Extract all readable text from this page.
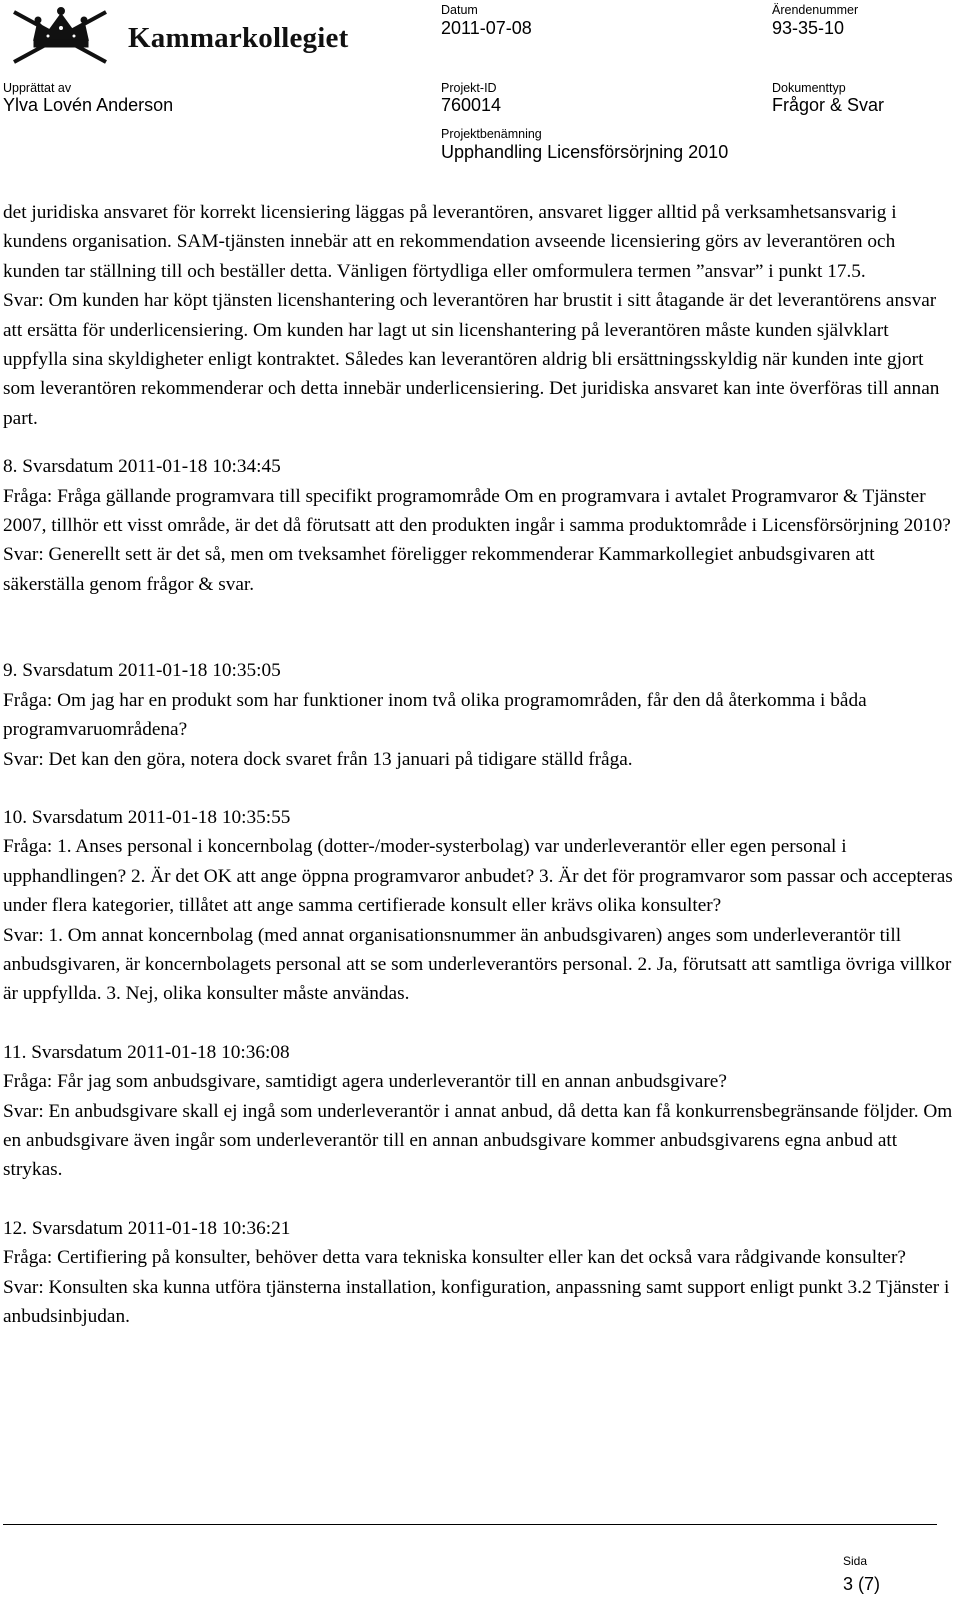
Kammarkollegiet
Datum
2011-07-08
Ärendenummer
93-35-10
Upprättat av
Ylva Lovén Anderson
Projekt-ID
760014
Dokumenttyp
Frågor & Svar
Projektbenämning
Upphandling Licensförsörjning 2010

det juridiska ansvaret för korrekt licensiering läggas på leverantören, ansvaret ligger alltid på verksamhetsansvarig i kundens organisation. SAM-tjänsten innebär att en rekommendation avseende licensiering görs av leverantören och kunden tar ställning till och beställer detta. Vänligen förtydliga eller omformulera termen ”ansvar” i punkt 17.5.

Svar: Om kunden har köpt tjänsten licenshantering och leverantören har brustit i sitt åtagande är det leverantörens ansvar att ersätta för underlicensiering. Om kunden har lagt ut sin licenshantering på leverantören måste kunden självklart uppfylla sina skyldigheter enligt kontraktet. Således kan leverantören aldrig bli ersättningsskyldig när kunden inte gjort som leverantören rekommenderar och detta innebär underlicensiering. Det juridiska ansvaret kan inte överföras till annan part.

8. Svarsdatum 2011-01-18 10:34:45

Fråga: Fråga gällande programvara till specifikt programområde Om en programvara i avtalet Programvaror & Tjänster 2007, tillhör ett visst område, är det då förutsatt att den produkten ingår i samma produktområde i Licensförsörjning 2010?

Svar: Generellt sett är det så, men om tveksamhet föreligger rekommenderar Kammarkollegiet anbudsgivaren att säkerställa genom frågor & svar.

9. Svarsdatum 2011-01-18 10:35:05

Fråga: Om jag har en produkt som har funktioner inom två olika programområden, får den då återkomma i båda programvaruområdena?

Svar: Det kan den göra, notera dock svaret från 13 januari på tidigare ställd fråga.

10. Svarsdatum 2011-01-18 10:35:55

Fråga: 1. Anses personal i koncernbolag (dotter-/moder-systerbolag) var underleverantör eller egen personal i upphandlingen? 2. Är det OK att ange öppna programvaror anbudet? 3. Är det för programvaror som passar och accepteras under flera kategorier, tillåtet att ange samma certifierade konsult eller krävs olika konsulter?

Svar: 1. Om annat koncernbolag (med annat organisationsnummer än anbudsgivaren) anges som underleverantör till anbudsgivaren, är koncernbolagets personal att se som underleverantörs personal. 2. Ja, förutsatt att samtliga övriga villkor är uppfyllda. 3. Nej, olika konsulter måste användas.

11. Svarsdatum 2011-01-18 10:36:08

Fråga: Får jag som anbudsgivare, samtidigt agera underleverantör till en annan anbudsgivare?

Svar: En anbudsgivare skall ej ingå som underleverantör i annat anbud, då detta kan få konkurrensbegränsande följder. Om en anbudsgivare även ingår som underleverantör till en annan anbudsgivare kommer anbudsgivarens egna anbud att strykas.

12. Svarsdatum 2011-01-18 10:36:21

Fråga: Certifiering på konsulter, behöver detta vara tekniska konsulter eller kan det också vara rådgivande konsulter?

Svar: Konsulten ska kunna utföra tjänsterna installation, konfiguration, anpassning samt support enligt punkt 3.2 Tjänster i anbudsinbjudan.

Sida
3 (7)
